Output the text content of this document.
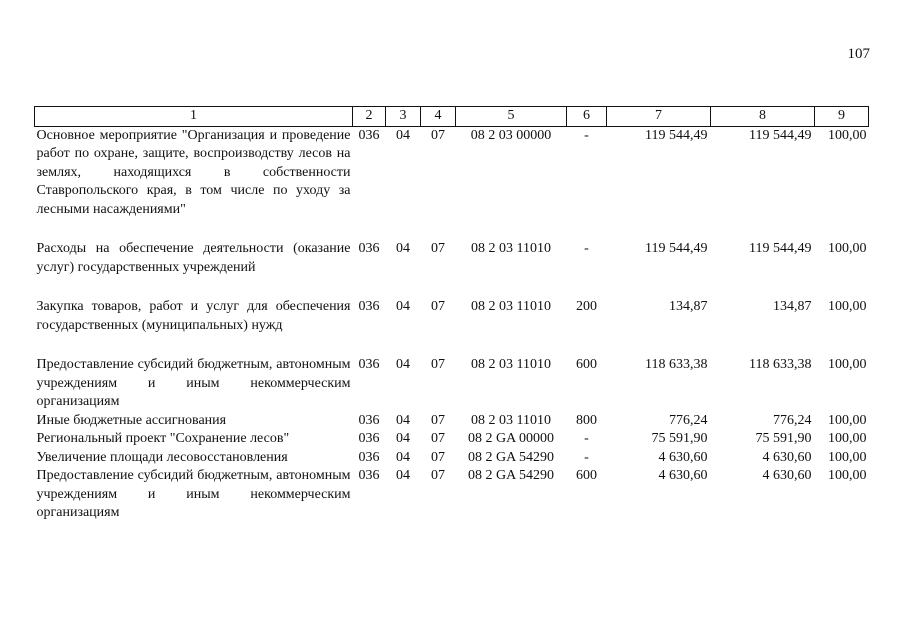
107
1	2	3	4	5	6	7	8	9
Основное мероприятие "Организация и проведение работ по охране, защите, воспроизводству лесов на землях, находящихся в собственности Ставропольского края, в том числе по уходу за лесными насаждениями"	036	04	07	08 2 03 00000	-	119 544,49	119 544,49	100,00
Расходы на обеспечение деятельности (оказание услуг) государственных учреждений	036	04	07	08 2 03 11010	-	119 544,49	119 544,49	100,00
Закупка товаров, работ и услуг для обеспечения государственных (муниципальных) нужд	036	04	07	08 2 03 11010	200	134,87	134,87	100,00
Предоставление субсидий бюджетным, автономным учреждениям и иным некоммерческим организациям	036	04	07	08 2 03 11010	600	118 633,38	118 633,38	100,00
Иные бюджетные ассигнования	036	04	07	08 2 03 11010	800	776,24	776,24	100,00
Региональный проект "Сохранение лесов"	036	04	07	08 2 GA 00000	-	75 591,90	75 591,90	100,00
Увеличение площади лесовосстановления	036	04	07	08 2 GA 54290	-	4 630,60	4 630,60	100,00
Предоставление субсидий бюджетным, автономным учреждениям и иным некоммерческим организациям	036	04	07	08 2 GA 54290	600	4 630,60	4 630,60	100,00
